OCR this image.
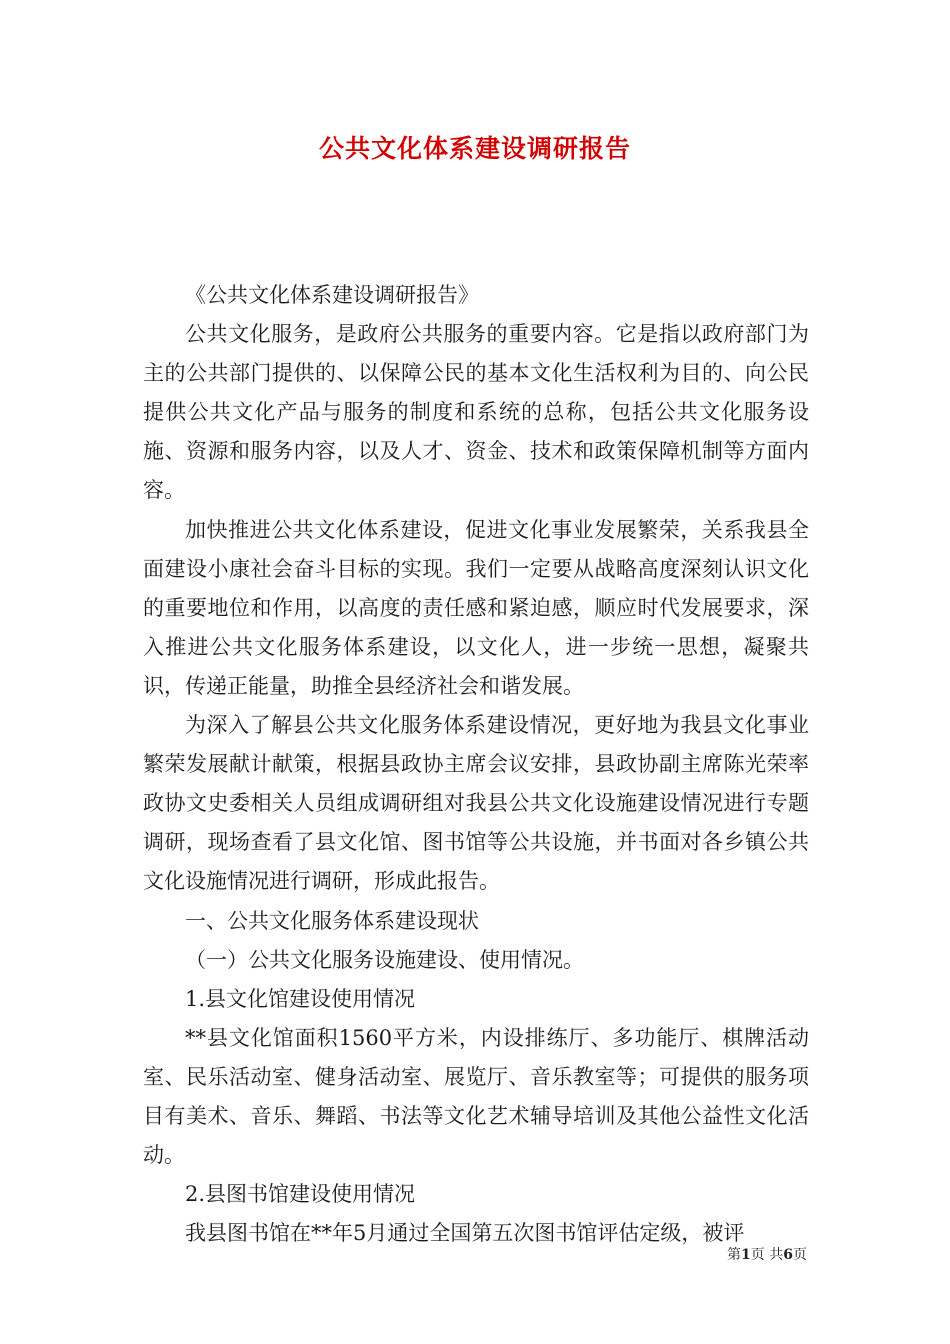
公共文化体系建设调研报告

《公共文化体系建设调研报告》

公共文化服务，是政府公共服务的重要内容。它是指以政府部门为主的公共部门提供的、以保障公民的基本文化生活权利为目的、向公民提供公共文化产品与服务的制度和系统的总称，包括公共文化服务设施、资源和服务内容，以及人才、资金、技术和政策保障机制等方面内容。

加快推进公共文化体系建设，促进文化事业发展繁荣，关系我县全面建设小康社会奋斗目标的实现。我们一定要从战略高度深刻认识文化的重要地位和作用，以高度的责任感和紧迫感，顺应时代发展要求，深入推进公共文化服务体系建设，以文化人，进一步统一思想，凝聚共识，传递正能量，助推全县经济社会和谐发展。

为深入了解县公共文化服务体系建设情况，更好地为我县文化事业繁荣发展献计献策，根据县政协主席会议安排，县政协副主席陈光荣率政协文史委相关人员组成调研组对我县公共文化设施建设情况进行专题调研，现场查看了县文化馆、图书馆等公共设施，并书面对各乡镇公共文化设施情况进行调研，形成此报告。

一、公共文化服务体系建设现状

（一）公共文化服务设施建设、使用情况。

1.县文化馆建设使用情况

**县文化馆面积1560平方米，内设排练厅、多功能厅、棋牌活动室、民乐活动室、健身活动室、展览厅、音乐教室等；可提供的服务项目有美术、音乐、舞蹈、书法等文化艺术辅导培训及其他公益性文化活动。

2.县图书馆建设使用情况

我县图书馆在**年5月通过全国第五次图书馆评估定级，被评

第1页 共6页
